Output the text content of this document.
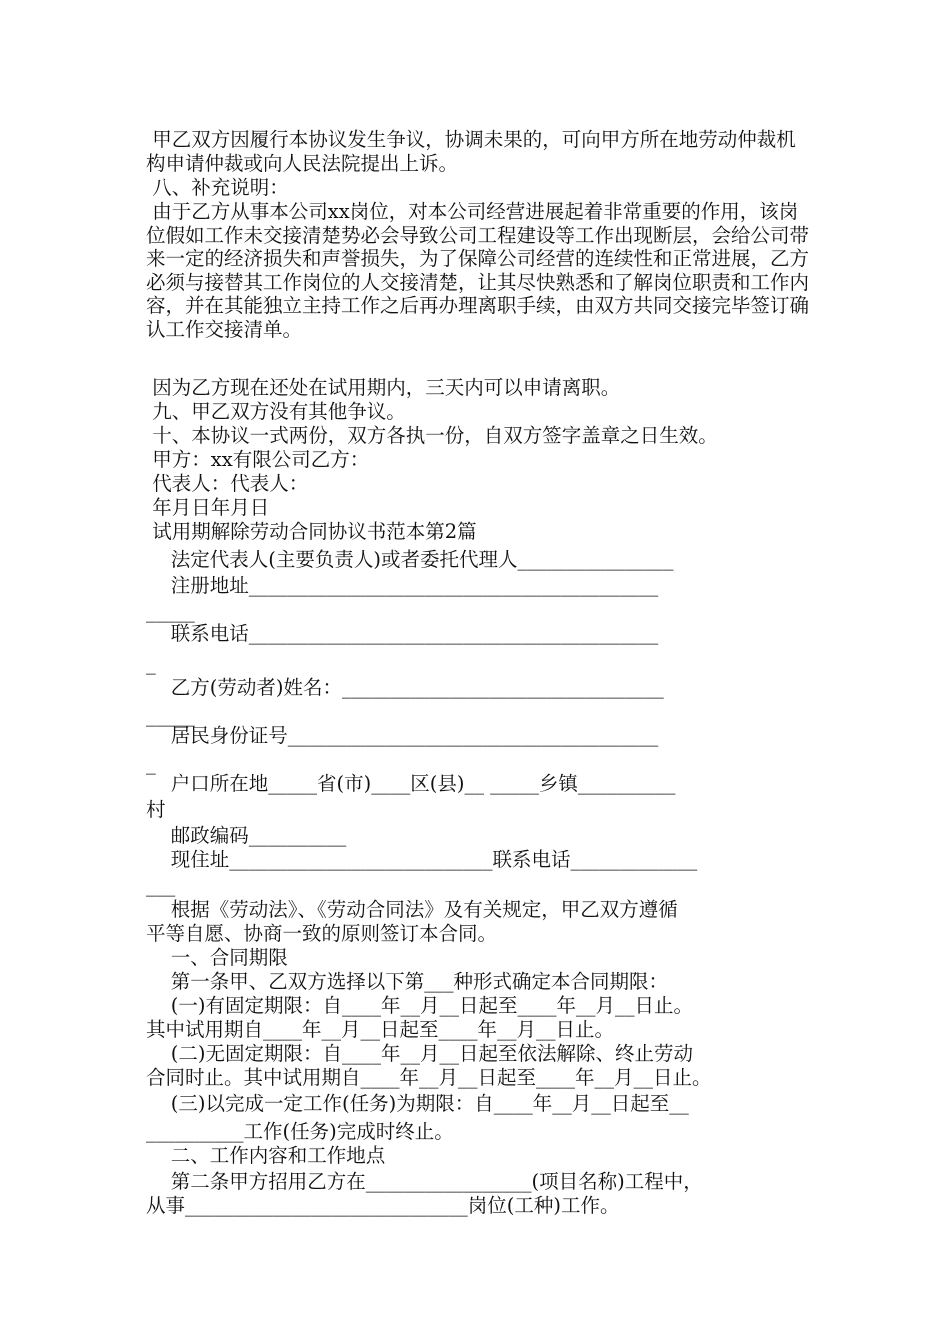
甲乙双方因履行本协议发生争议，协调未果的，可向甲方所在地劳动仲裁机构申请仲裁或向人民法院提出上诉。
八、补充说明：
由于乙方从事本公司xx岗位，对本公司经营进展起着非常重要的作用，该岗位假如工作未交接清楚势必会导致公司工程建设等工作出现断层，会给公司带来一定的经济损失和声誉损失，为了保障公司经营的连续性和正常进展，乙方必须与接替其工作岗位的人交接清楚，让其尽快熟悉和了解岗位职责和工作内容，并在其能独立主持工作之后再办理离职手续，由双方共同交接完毕签订确认工作交接清单。
因为乙方现在还处在试用期内，三天内可以申请离职。
九、甲乙双方没有其他争议。
十、本协议一式两份，双方各执一份，自双方签字盖章之日生效。
甲方：xx有限公司乙方：
代表人：代表人：
年月日年月日
试用期解除劳动合同协议书范本第2篇
法定代表人(主要负责人)或者委托代理人________________
注册地址__________________________________________
_____
联系电话__________________________________________
_
乙方(劳动者)姓名：_________________________________
_____
居民身份证号______________________________________
_
户口所在地_____省(市)____区(县)__ _____乡镇__________
村
邮政编码__________
现住址___________________________联系电话_____________
___
根据《劳动法》、《劳动合同法》及有关规定，甲乙双方遵循
平等自愿、协商一致的原则签订本合同。
一、合同期限
第一条甲、乙双方选择以下第___种形式确定本合同期限：
(一)有固定期限：自____年__月__日起至____年__月__日止。
其中试用期自____年__月__日起至____年__月__日止。
(二)无固定期限：自____年__月__日起至依法解除、终止劳动
合同时止。其中试用期自____年__月__日起至____年__月__日止。
(三)以完成一定工作(任务)为期限：自____年__月__日起至__
__________工作(任务)完成时终止。
二、工作内容和工作地点
第二条甲方招用乙方在_________________(项目名称)工程中，
从事_____________________________岗位(工种)工作。
